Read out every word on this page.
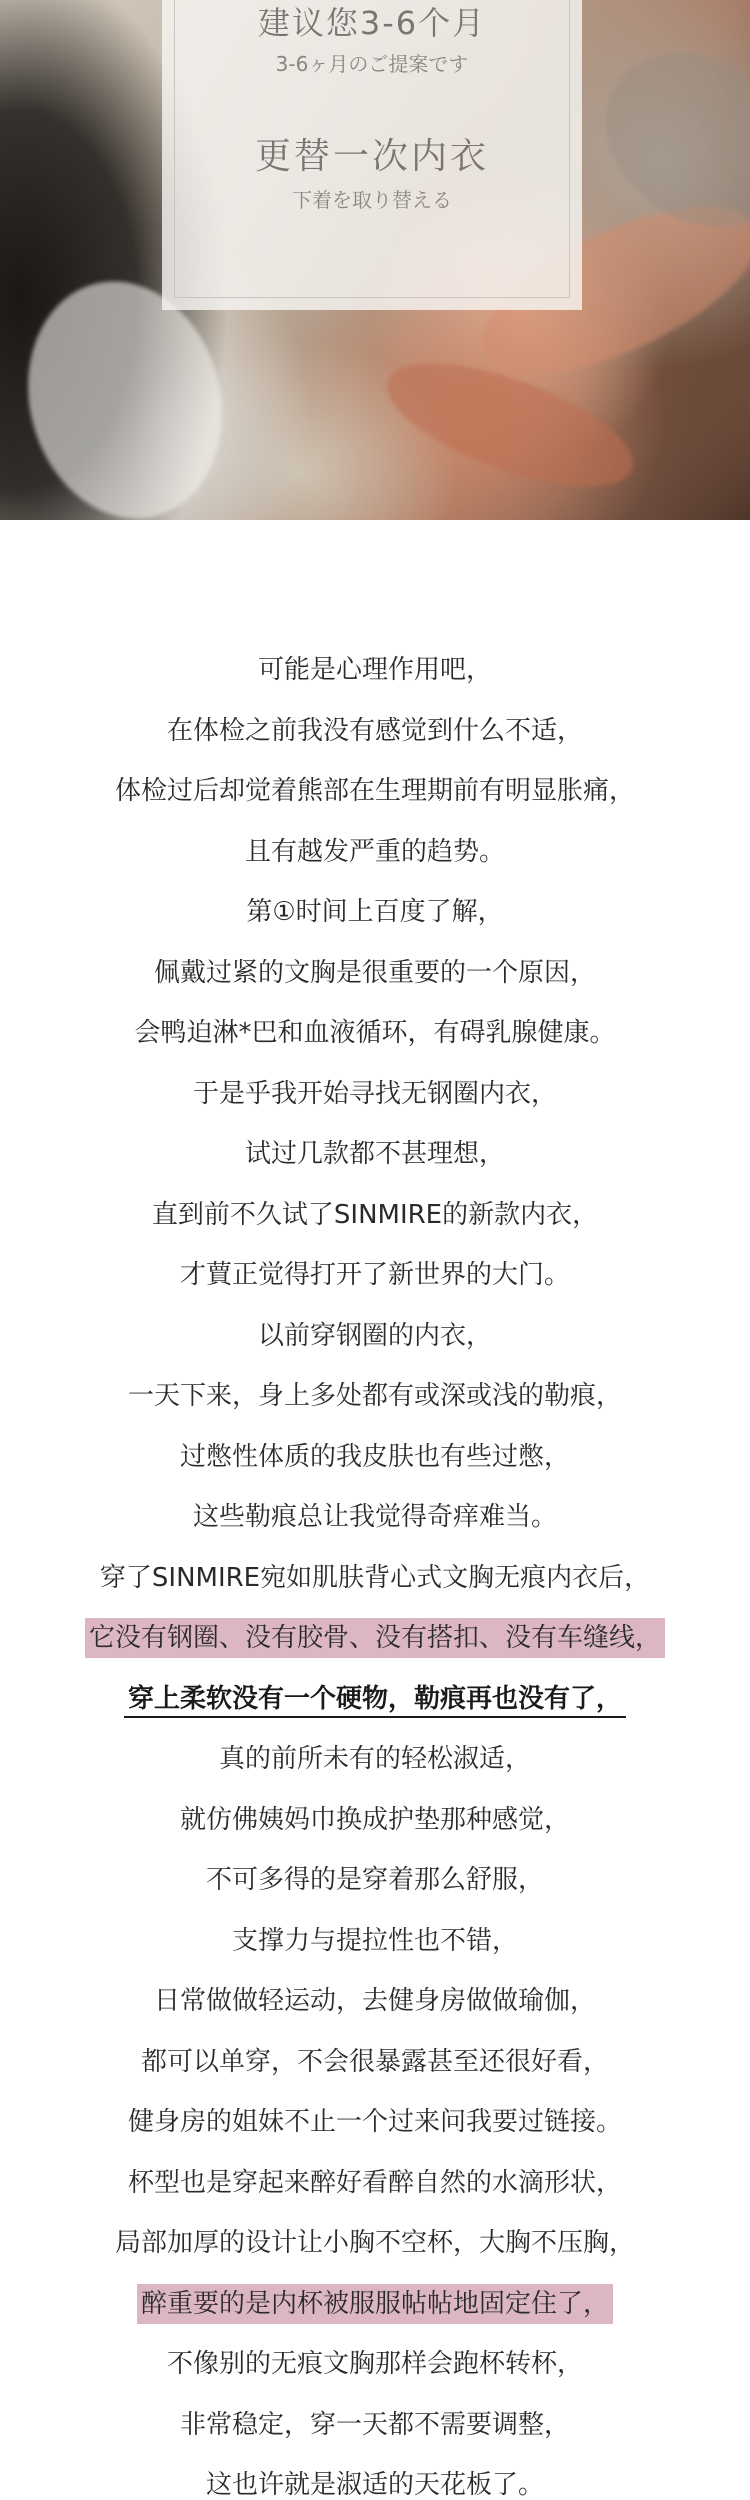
建议您3-6个月
3-6ヶ月のご提案です
更替一次内衣
下着を取り替える
可能是心理作用吧，
在体检之前我没有感觉到什么不适，
体检过后却觉着熊部在生理期前有明显胀痛，
且有越发严重的趋势。
第①时间上百度了解，
佩戴过紧的文胸是很重要的一个原因，
会鸭迫淋*巴和血液循环，有碍乳腺健康。
于是乎我开始寻找无钢圈内衣，
试过几款都不甚理想，
直到前不久试了SINMIRE的新款内衣，
才蕒正觉得打开了新世界的大门。
以前穿钢圈的内衣，
一天下来，身上多处都有或深或浅的勒痕，
过憋性体质的我皮肤也有些过憋，
这些勒痕总让我觉得奇痒难当。
穿了SINMIRE宛如肌肤背心式文胸无痕内衣后，
它没有钢圈、没有胶骨、没有搭扣、没有车缝线，
穿上柔软没有一个硬物，勒痕再也没有了，
真的前所未有的轻松淑适，
就仿佛姨妈巾换成护垫那种感觉，
不可多得的是穿着那么舒服，
支撑力与提拉性也不错，
日常做做轻运动，去健身房做做瑜伽，
都可以单穿，不会很暴露甚至还很好看，
健身房的姐妹不止一个过来问我要过链接。
杯型也是穿起来醉好看醉自然的水滴形状，
局部加厚的设计让小胸不空杯，大胸不压胸，
醉重要的是内杯被服服帖帖地固定住了，
不像别的无痕文胸那样会跑杯转杯，
非常稳定，穿一天都不需要调整，
这也许就是淑适的天花板了。
